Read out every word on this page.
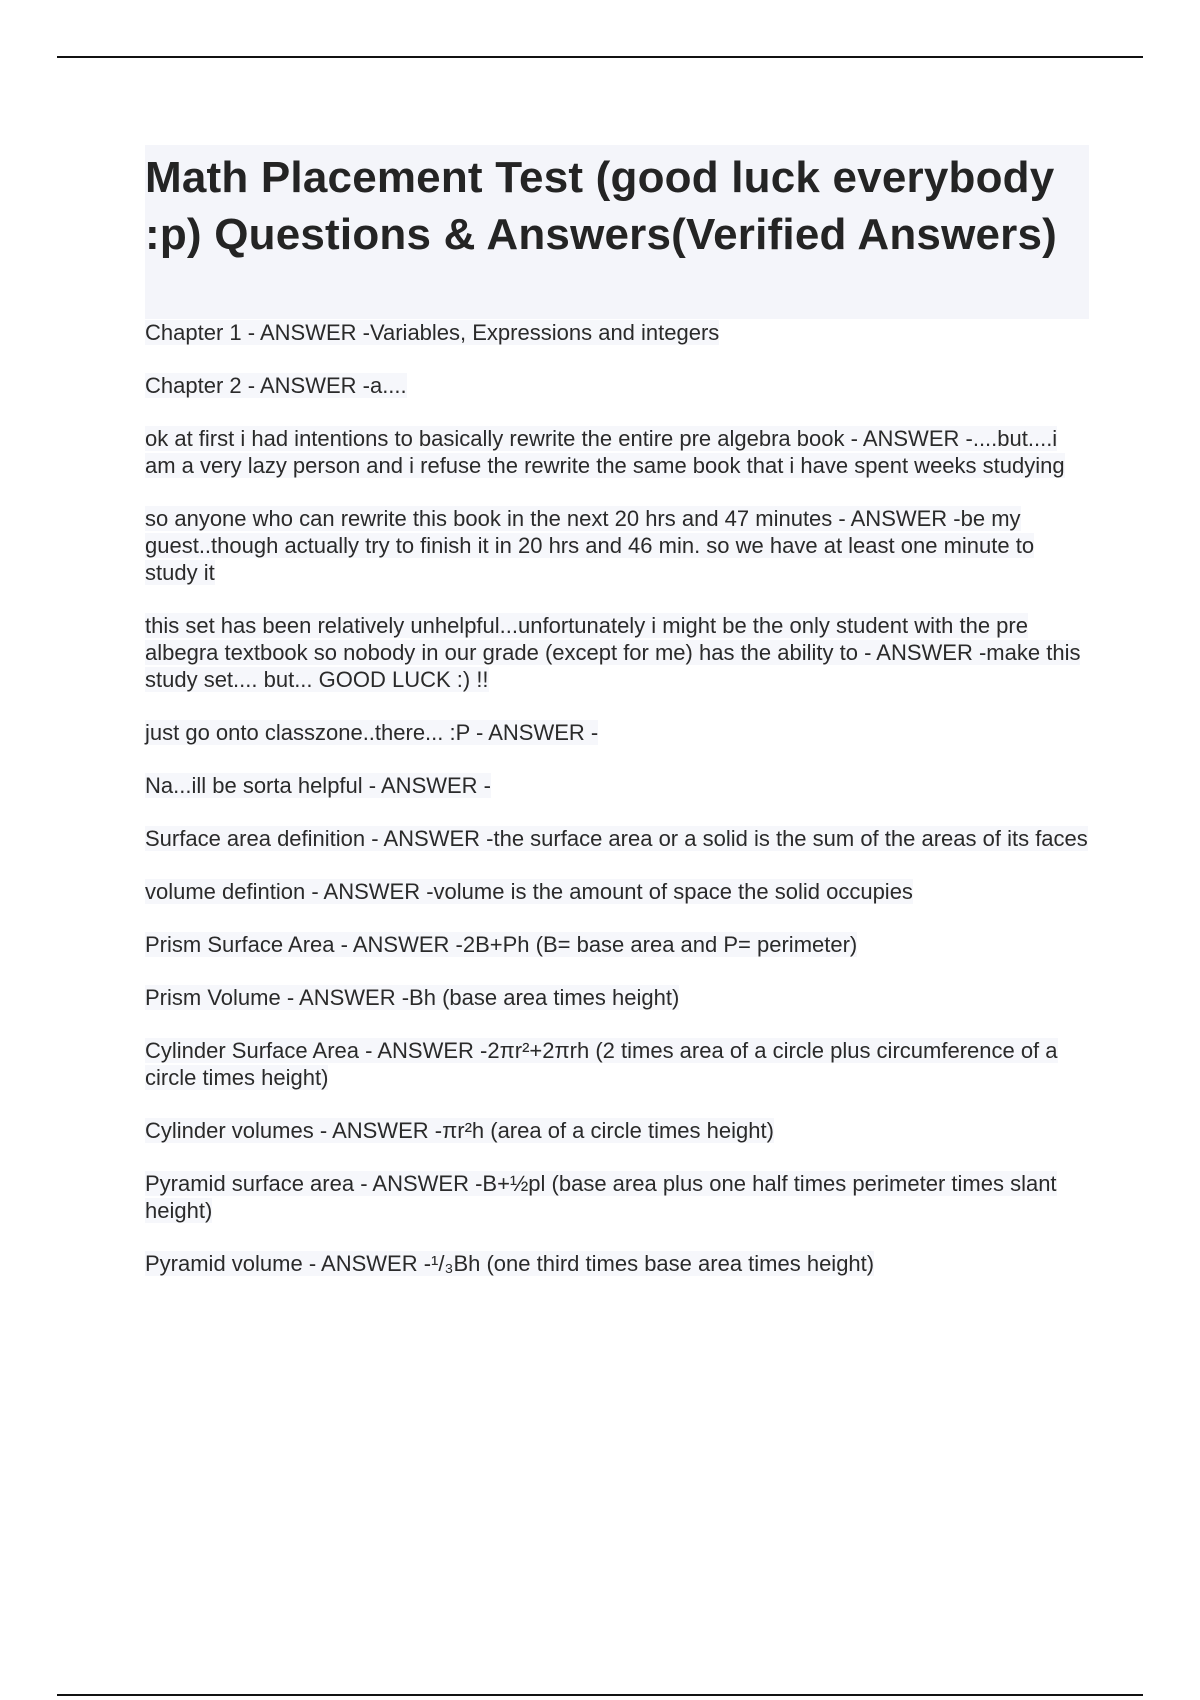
Math Placement Test (good luck everybody :p) Questions & Answers(Verified Answers)
Chapter 1 - ANSWER -Variables, Expressions and integers
Chapter 2 - ANSWER -a....
ok at first i had intentions to basically rewrite the entire pre algebra book - ANSWER -....but....i am a very lazy person and i refuse the rewrite the same book that i have spent weeks studying
so anyone who can rewrite this book in the next 20 hrs and 47 minutes - ANSWER -be my guest..though actually try to finish it in 20 hrs and 46 min. so we have at least one minute to study it
this set has been relatively unhelpful...unfortunately i might be the only student with the pre albegra textbook so nobody in our grade (except for me) has the ability to - ANSWER -make this study set.... but... GOOD LUCK :) !!
just go onto classzone..there... :P - ANSWER -
Na...ill be sorta helpful - ANSWER -
Surface area definition - ANSWER -the surface area or a solid is the sum of the areas of its faces
volume defintion - ANSWER -volume is the amount of space the solid occupies
Prism Surface Area - ANSWER -2B+Ph (B= base area and P= perimeter)
Prism Volume - ANSWER -Bh (base area times height)
Cylinder Surface Area - ANSWER -2πr²+2πrh (2 times area of a circle plus circumference of a circle times height)
Cylinder volumes - ANSWER -πr²h (area of a circle times height)
Pyramid surface area - ANSWER -B+½pl (base area plus one half times perimeter times slant height)
Pyramid volume - ANSWER -¹/₃Bh (one third times base area times height)
